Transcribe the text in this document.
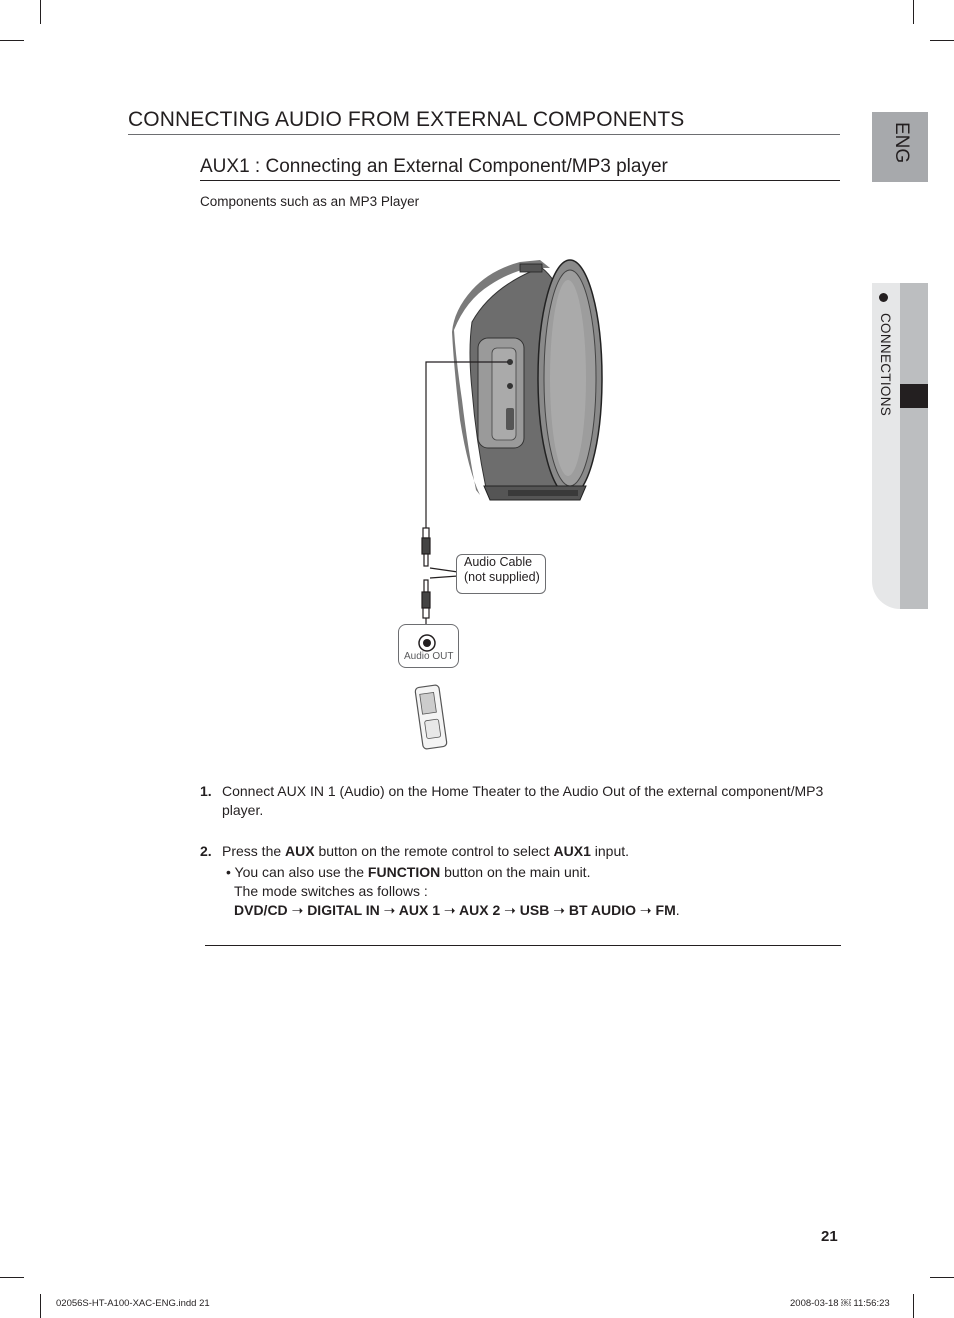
CONNECTING AUDIO FROM EXTERNAL COMPONENTS
AUX1 : Connecting an External Component/MP3 player
Components such as an MP3 Player
ENG
CONNECTIONS
Audio OUT
Audio Cable
(not supplied)
1. Connect AUX IN 1 (Audio) on the Home Theater to the Audio Out of the external component/MP3
player.
2. Press the AUX button on the remote control to select AUX1 input.
• You can also use the FUNCTION button on the main unit.
The mode switches as follows :
DVD/CD ➝ DIGITAL IN ➝ AUX 1 ➝ AUX 2 ➝ USB ➝ BT AUDIO ➝ FM.
21
02056S-HT-A100-XAC-ENG.indd 21	2008-03-18 ￼ 11:56:23
